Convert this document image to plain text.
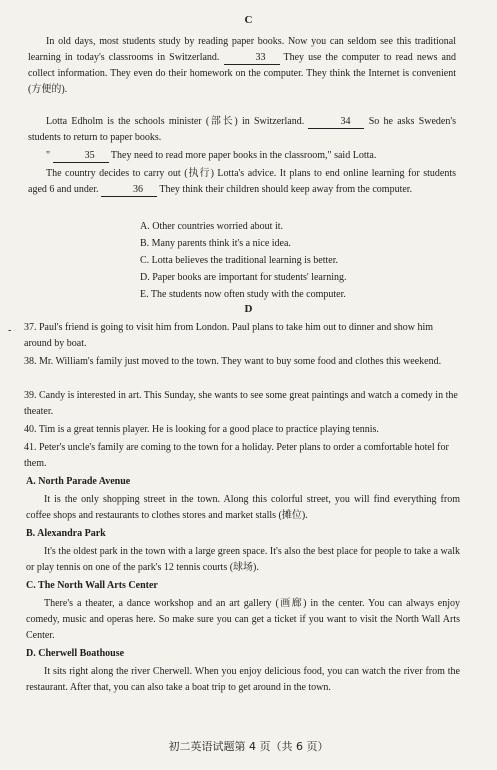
C
In old days, most students study by reading paper books. Now you can seldom see this traditional learning in today's classrooms in Switzerland.	33 They use the computer to read news and collect information. They even do their homework on the computer. They think the Internet is convenient (方便的).
Lotta Edholm is the schools minister (部长) in Switzerland.	34 So he asks Sweden's students to return to paper books.
"	35 They need to read more paper books in the classroom," said Lotta.
The country decides to carry out (执行) Lotta's advice. It plans to end online learning for students aged 6 and under.	36 They think their children should keep away from the computer.
A. Other countries worried about it.
B. Many parents think it's a nice idea.
C. Lotta believes the traditional learning is better.
D. Paper books are important for students' learning.
E. The students now often study with the computer.
D
- 37. Paul's friend is going to visit him from London. Paul plans to take him out to dinner and show him around by boat.
38. Mr. William's family just moved to the town. They want to buy some food and clothes this weekend.
39. Candy is interested in art. This Sunday, she wants to see some great paintings and watch a comedy in the theater.
40. Tim is a great tennis player. He is looking for a good place to practice playing tennis.
41. Peter's uncle's family are coming to the town for a holiday. Peter plans to order a comfortable hotel for them.
A. North Parade Avenue
It is the only shopping street in the town. Along this colorful street, you will find everything from coffee shops and restaurants to clothes stores and market stalls (摊位).
B. Alexandra Park
It's the oldest park in the town with a large green space. It's also the best place for people to take a walk or play tennis on one of the park's 12 tennis courts (球场).
C. The North Wall Arts Center
There's a theater, a dance workshop and an art gallery (画廊) in the center. You can always enjoy comedy, music and operas here. So make sure you can get a ticket if you want to visit the North Wall Arts Center.
D. Cherwell Boathouse
It sits right along the river Cherwell. When you enjoy delicious food, you can watch the river from the restaurant. After that, you can also take a boat trip to get around in the town.
初二英语试题第 4 页（共 6 页）
